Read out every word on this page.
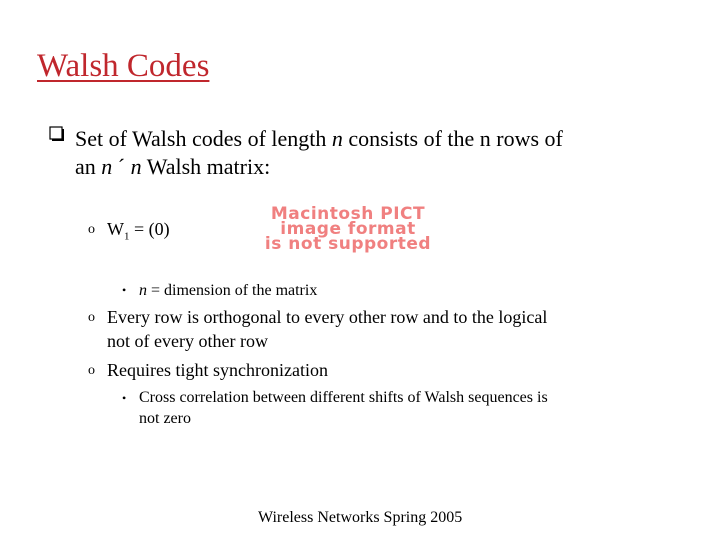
Walsh Codes
Set of Walsh codes of length n consists of the n rows of
an n ´ n Walsh matrix:
o $W_1 = (0)$
Macintosh PICT
image format
is not supported
• n = dimension of the matrix
o Every row is orthogonal to every other row and to the logical
not of every other row
o Requires tight synchronization
• Cross correlation between different shifts of Walsh sequences is
not zero
Wireless Networks Spring 2005
